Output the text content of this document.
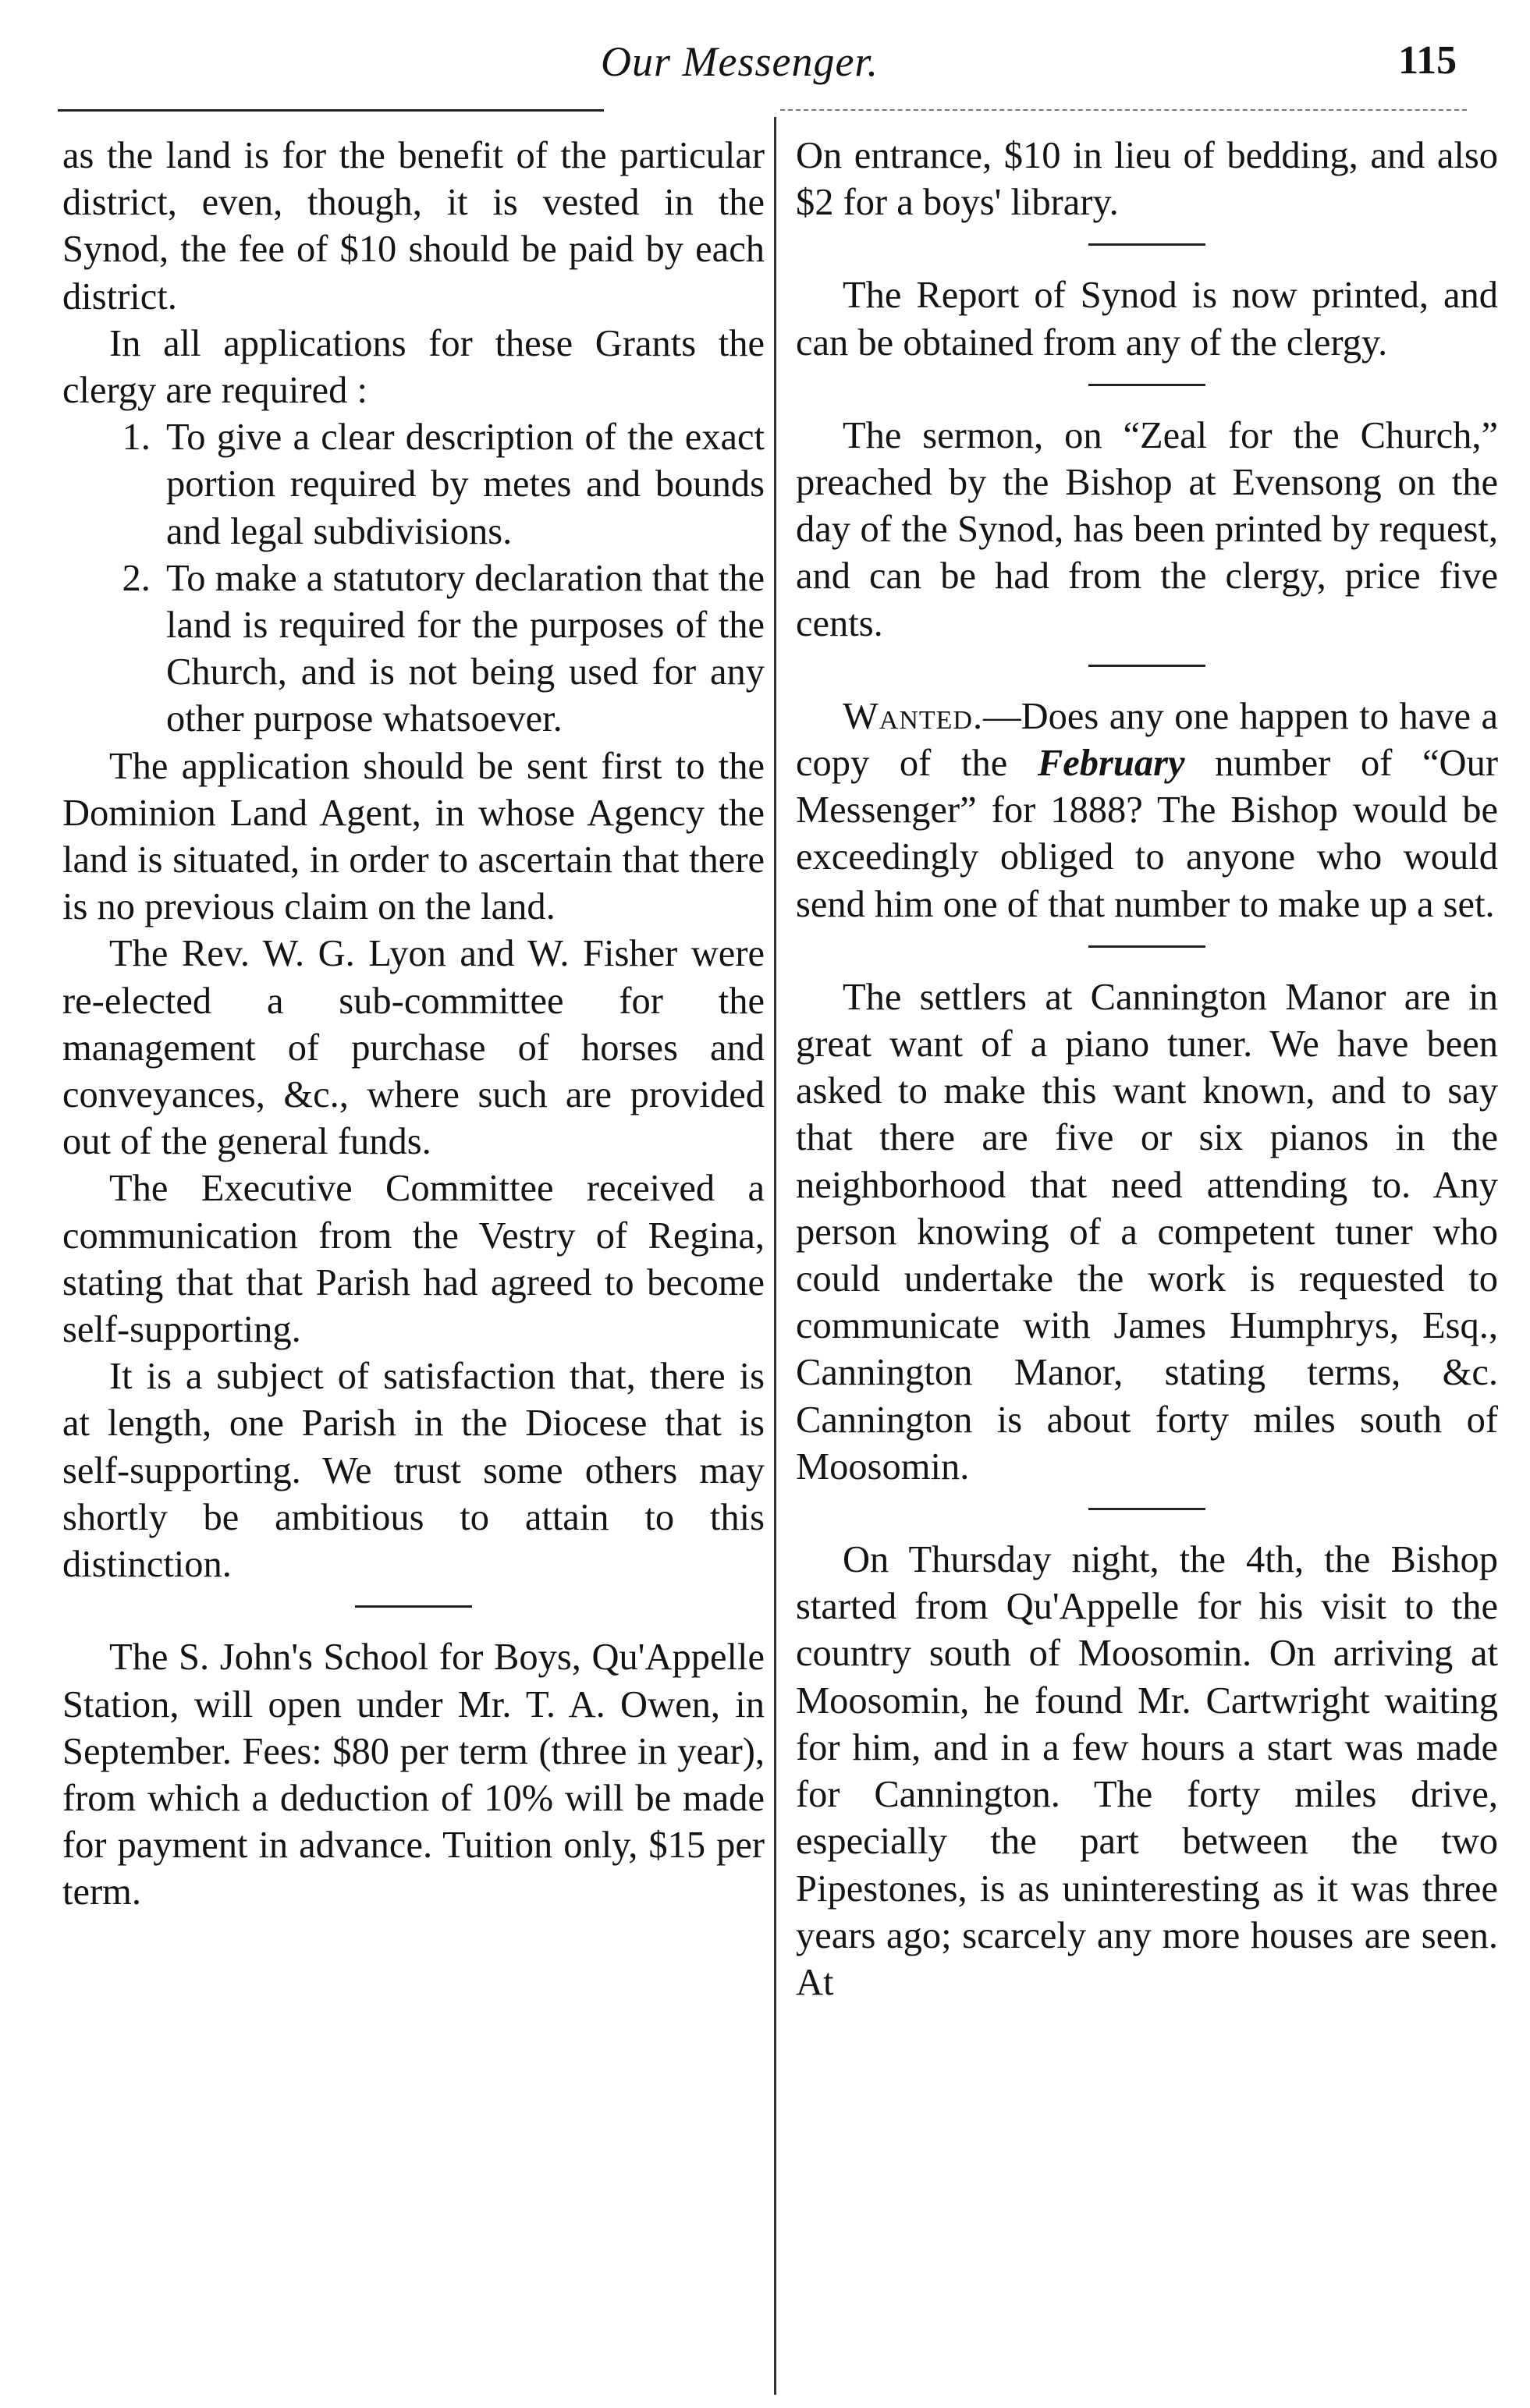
Our Messenger.	115

as the land is for the benefit of the particular district, even, though, it is vested in the Synod, the fee of $10 should be paid by each district.

In all applications for these Grants the clergy are required :

1. To give a clear description of the exact portion required by metes and bounds and legal subdivisions.
2. To make a statutory declaration that the land is required for the purposes of the Church, and is not being used for any other purpose whatsoever.

The application should be sent first to the Dominion Land Agent, in whose Agency the land is situated, in order to ascertain that there is no previous claim on the land.

The Rev. W. G. Lyon and W. Fisher were re-elected a sub-committee for the management of purchase of horses and conveyances, &c., where such are provided out of the general funds.

The Executive Committee received a communication from the Vestry of Regina, stating that that Parish had agreed to become self-supporting.

It is a subject of satisfaction that, there is at length, one Parish in the Diocese that is self-supporting. We trust some others may shortly be ambitious to attain to this distinction.

The S. John's School for Boys, Qu'Appelle Station, will open under Mr. T. A. Owen, in September. Fees: $80 per term (three in year), from which a deduction of 10% will be made for payment in advance. Tuition only, $15 per term.

On entrance, $10 in lieu of bedding, and also $2 for a boys' library.

The Report of Synod is now printed, and can be obtained from any of the clergy.

The sermon, on “Zeal for the Church,” preached by the Bishop at Evensong on the day of the Synod, has been printed by request, and can be had from the clergy, price five cents.

Wanted.—Does any one happen to have a copy of the February number of “Our Messenger” for 1888? The Bishop would be exceedingly obliged to anyone who would send him one of that number to make up a set.

The settlers at Cannington Manor are in great want of a piano tuner. We have been asked to make this want known, and to say that there are five or six pianos in the neighborhood that need attending to. Any person knowing of a competent tuner who could undertake the work is requested to communicate with James Humphrys, Esq., Cannington Manor, stating terms, &c. Cannington is about forty miles south of Moosomin.

On Thursday night, the 4th, the Bishop started from Qu'Appelle for his visit to the country south of Moosomin. On arriving at Moosomin, he found Mr. Cartwright waiting for him, and in a few hours a start was made for Cannington. The forty miles drive, especially the part between the two Pipestones, is as uninteresting as it was three years ago; scarcely any more houses are seen. At
